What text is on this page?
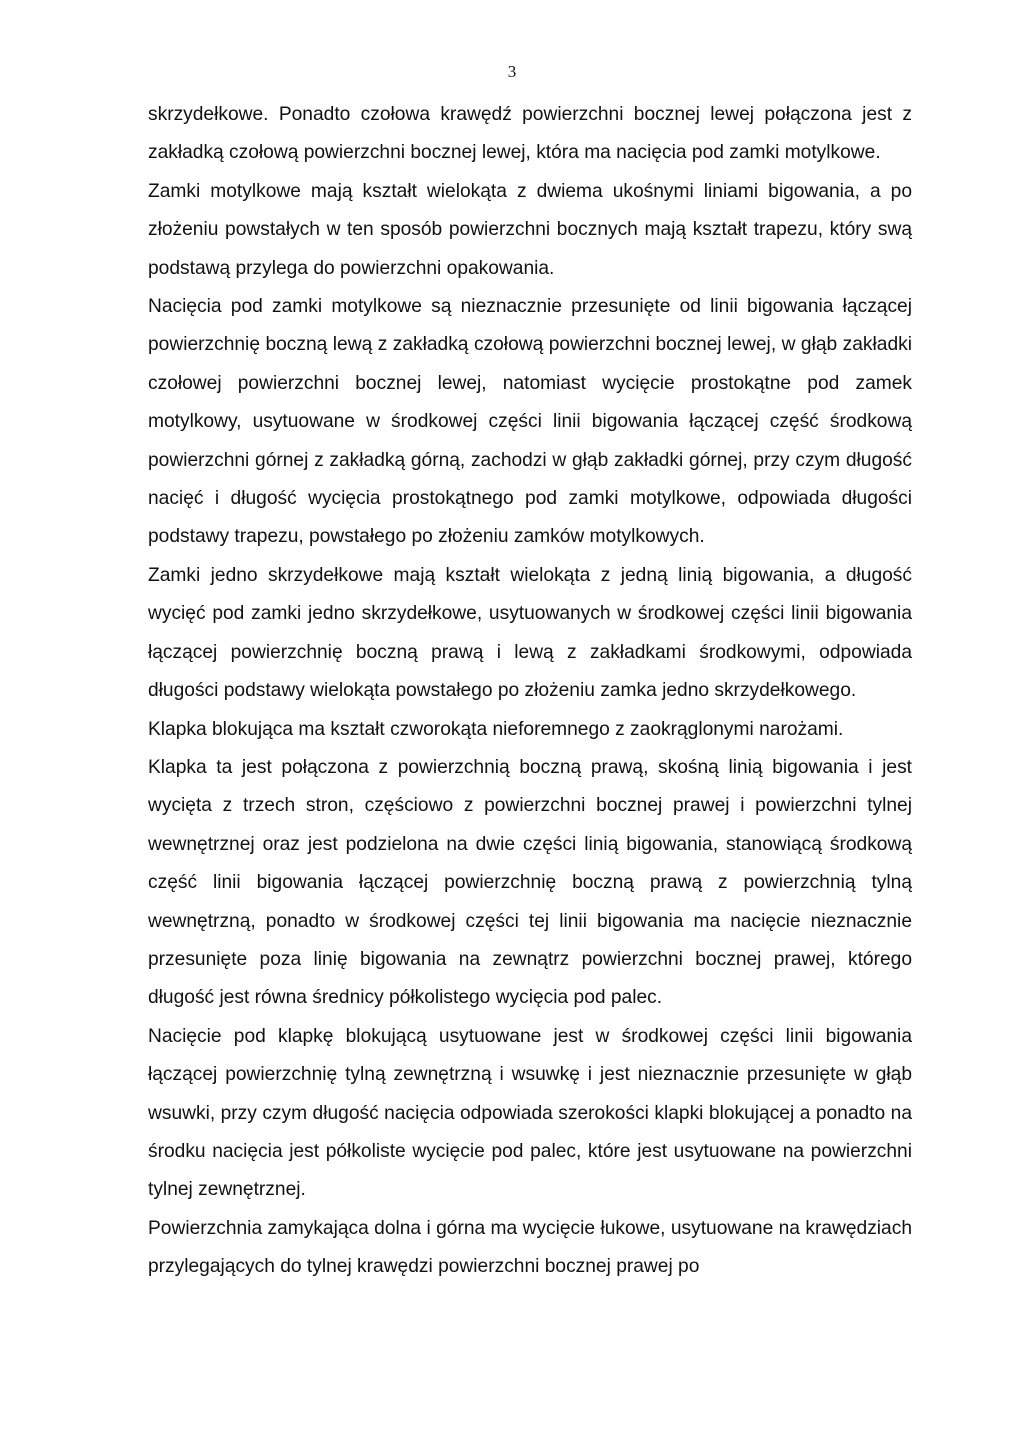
3

skrzydełkowe. Ponadto czołowa krawędź powierzchni bocznej lewej połączona jest z zakładką czołową powierzchni bocznej lewej, która ma nacięcia pod zamki motylkowe.

Zamki motylkowe mają kształt wielokąta z dwiema ukośnymi liniami bigowania, a po złożeniu powstałych w ten sposób powierzchni bocznych mają kształt trapezu, który swą podstawą przylega do powierzchni opakowania.

Nacięcia pod zamki motylkowe są nieznacznie przesunięte od linii bigowania łączącej powierzchnię boczną lewą z zakładką czołową powierzchni bocznej lewej, w głąb zakładki czołowej powierzchni bocznej lewej, natomiast wycięcie prostokątne pod zamek motylkowy, usytuowane w środkowej części linii bigowania łączącej część środkową powierzchni górnej z zakładką górną, zachodzi w głąb zakładki górnej, przy czym długość nacięć i długość wycięcia prostokątnego pod zamki motylkowe, odpowiada długości podstawy trapezu, powstałego po złożeniu zamków motylkowych.

Zamki jedno skrzydełkowe mają kształt wielokąta z jedną linią bigowania, a długość wycięć pod zamki jedno skrzydełkowe, usytuowanych w środkowej części linii bigowania łączącej powierzchnię boczną prawą i lewą z zakładkami środkowymi, odpowiada długości podstawy wielokąta powstałego po złożeniu zamka jedno skrzydełkowego.

Klapka blokująca ma kształt czworokąta nieforemnego z zaokrąglonymi narożami.

Klapka ta jest połączona z powierzchnią boczną prawą, skośną linią bigowania i jest wycięta z trzech stron, częściowo z powierzchni bocznej prawej i powierzchni tylnej wewnętrznej oraz jest podzielona na dwie części linią bigowania, stanowiącą środkową część linii bigowania łączącej powierzchnię boczną prawą z powierzchnią tylną wewnętrzną, ponadto w środkowej części tej linii bigowania ma nacięcie nieznacznie przesunięte poza linię bigowania na zewnątrz powierzchni bocznej prawej, którego długość jest równa średnicy półkolistego wycięcia pod palec.

Nacięcie pod klapkę blokującą usytuowane jest w środkowej części linii bigowania łączącej powierzchnię tylną zewnętrzną i wsuwkę i jest nieznacznie przesunięte w głąb wsuwki, przy czym długość nacięcia odpowiada szerokości klapki blokującej a ponadto na środku nacięcia jest półkoliste wycięcie pod palec, które jest usytuowane na powierzchni tylnej zewnętrznej.

Powierzchnia zamykająca dolna i górna ma wycięcie łukowe, usytuowane na krawędziach przylegających do tylnej krawędzi powierzchni bocznej prawej po
